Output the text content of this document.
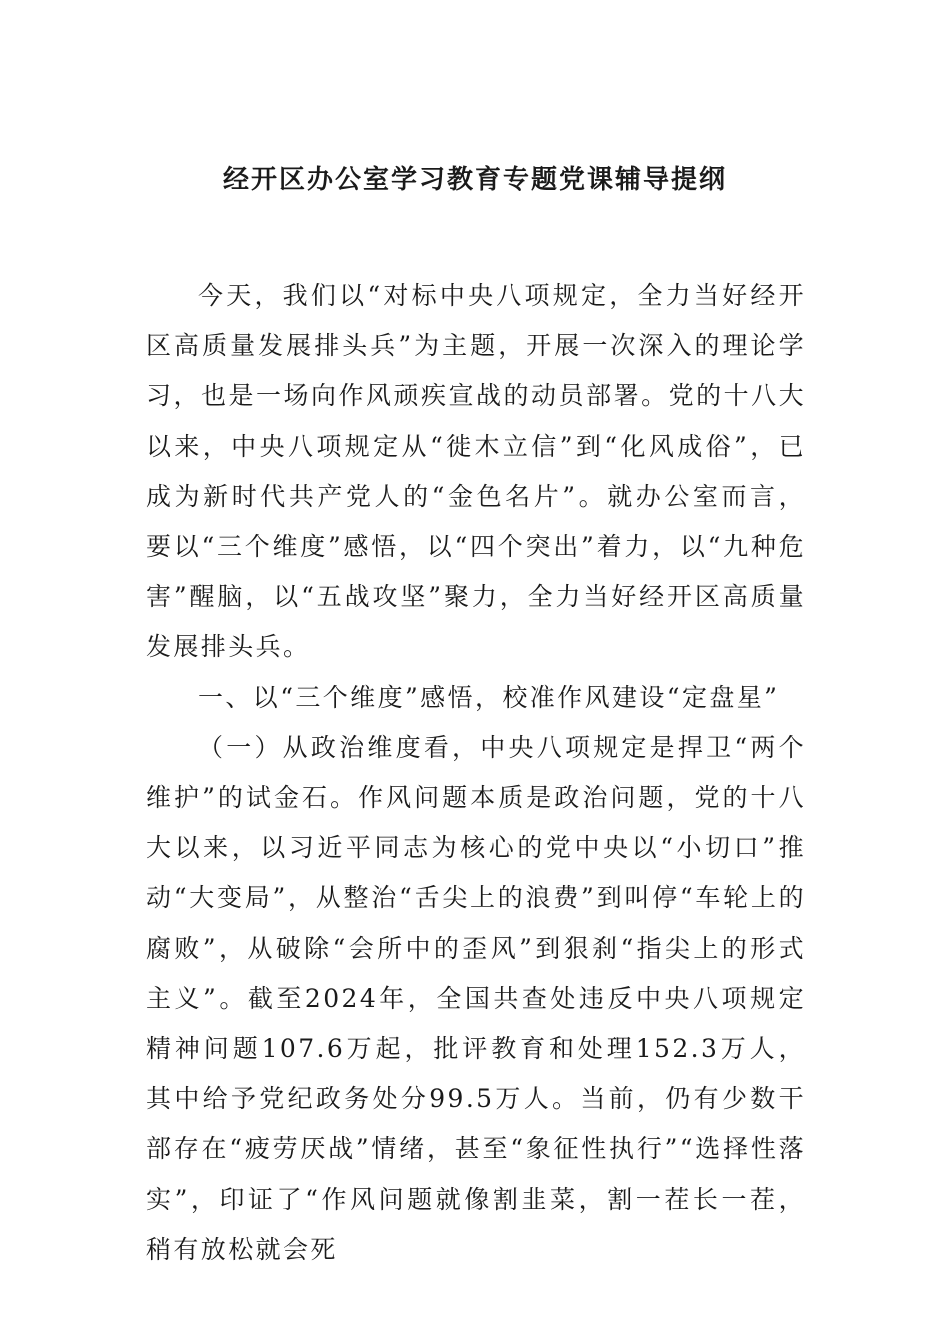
经开区办公室学习教育专题党课辅导提纲

今天，我们以“对标中央八项规定，全力当好经开区高质量发展排头兵”为主题，开展一次深入的理论学习，也是一场向作风顽疾宣战的动员部署。党的十八大以来，中央八项规定从“徙木立信”到“化风成俗”，已成为新时代共产党人的“金色名片”。就办公室而言，要以“三个维度”感悟，以“四个突出”着力，以“九种危害”醒脑，以“五战攻坚”聚力，全力当好经开区高质量发展排头兵。

一、以“三个维度”感悟，校准作风建设“定盘星”

（一）从政治维度看，中央八项规定是捍卫“两个维护”的试金石。作风问题本质是政治问题，党的十八大以来，以习近平同志为核心的党中央以“小切口”推动“大变局”，从整治“舌尖上的浪费”到叫停“车轮上的腐败”，从破除“会所中的歪风”到狠刹“指尖上的形式主义”。截至2024年，全国共查处违反中央八项规定精神问题107.6万起，批评教育和处理152.3万人，其中给予党纪政务处分99.5万人。当前，仍有少数干部存在“疲劳厌战”情绪，甚至“象征性执行”“选择性落实”，印证了“作风问题就像割韭菜，割一茬长一茬，稍有放松就会死
